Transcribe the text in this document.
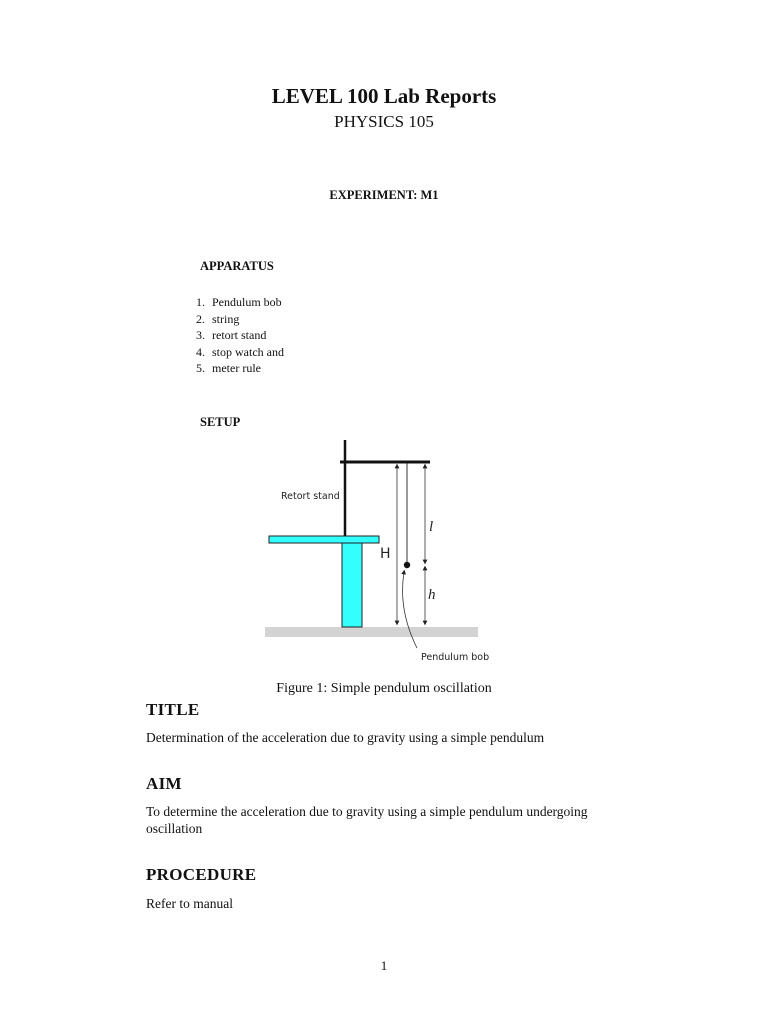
LEVEL 100 Lab Reports
PHYSICS 105
EXPERIMENT: M1
APPARATUS
1. Pendulum bob
2. string
3. retort stand
4. stop watch and
5. meter rule
SETUP
Retort stand
H
l
h
Pendulum bob
Figure 1: Simple pendulum oscillation
TITLE
Determination of the acceleration due to gravity using a simple pendulum
AIM
To determine the acceleration due to gravity using a simple pendulum undergoing oscillation
PROCEDURE
Refer to manual
1
